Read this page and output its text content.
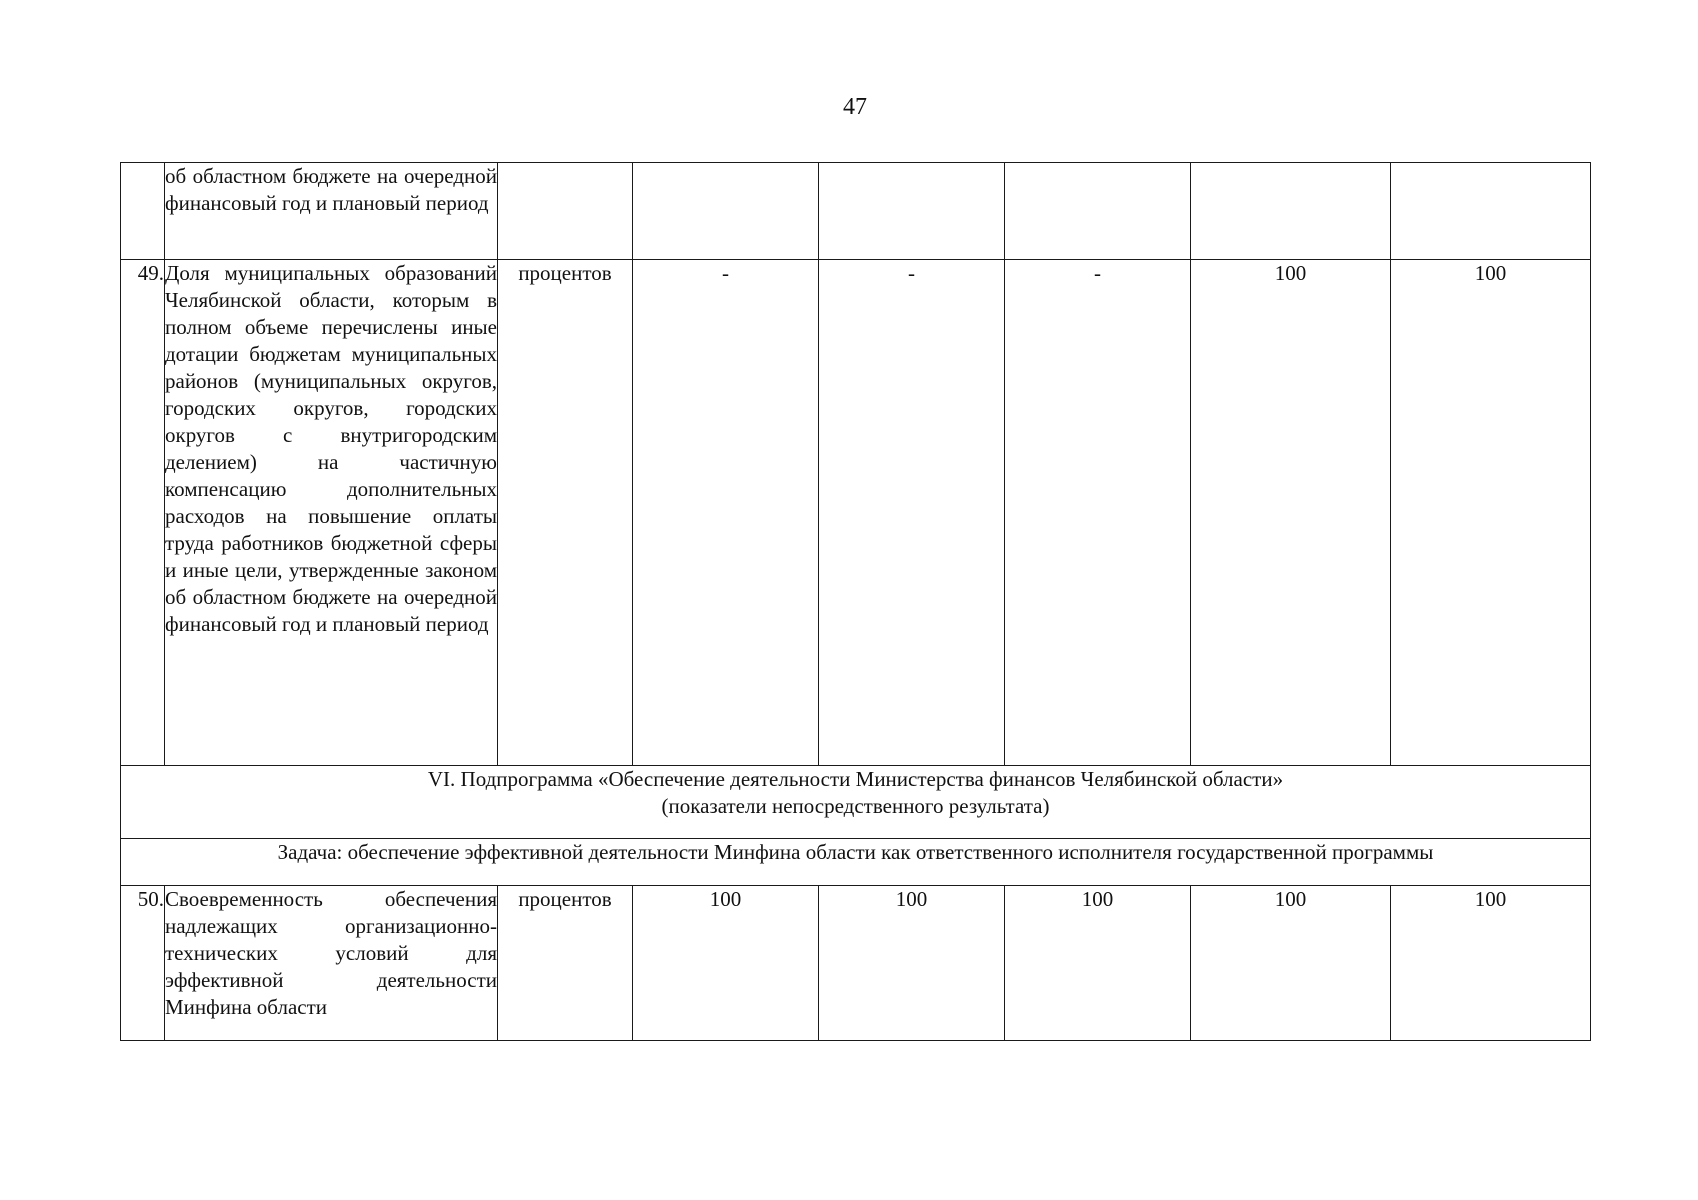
47
	об областном бюджете на очередной финансовый год и плановый период						
49.	Доля муниципальных образований Челябинской области, которым в полном объеме перечислены иные дотации бюджетам муниципальных районов (муниципальных округов, городских округов, городских округов с внутригородским делением) на частичную компенсацию дополнительных расходов на повышение оплаты труда работников бюджетной сферы и иные цели, утвержденные законом об областном бюджете на очередной финансовый год и плановый период	процентов	-	-	-	100	100

VI. Подпрограмма «Обеспечение деятельности Министерства финансов Челябинской области»
(показатели непосредственного результата)							

Задача: обеспечение эффективной деятельности Минфина области как ответственного исполнителя государственной программы							
50.	Своевременность обеспечения надлежащих организационно-технических условий для эффективной деятельности Минфина области	процентов	100	100	100	100	100
